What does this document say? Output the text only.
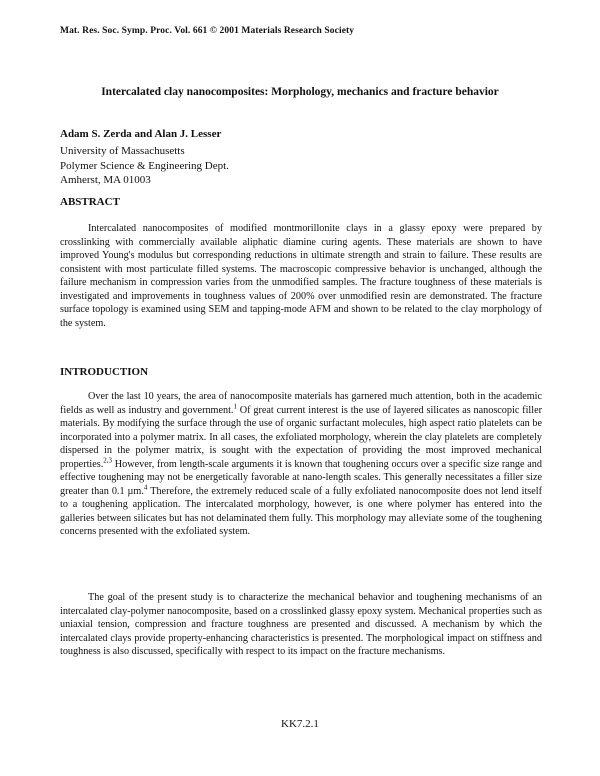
Mat. Res. Soc. Symp. Proc. Vol. 661 © 2001 Materials Research Society
Intercalated clay nanocomposites: Morphology, mechanics and fracture behavior
Adam S. Zerda and Alan J. Lesser
University of Massachusetts
Polymer Science & Engineering Dept.
Amherst, MA 01003
ABSTRACT

Intercalated nanocomposites of modified montmorillonite clays in a glassy epoxy were prepared by crosslinking with commercially available aliphatic diamine curing agents. These materials are shown to have improved Young's modulus but corresponding reductions in ultimate strength and strain to failure. These results are consistent with most particulate filled systems. The macroscopic compressive behavior is unchanged, although the failure mechanism in compression varies from the unmodified samples. The fracture toughness of these materials is investigated and improvements in toughness values of 200% over unmodified resin are demonstrated. The fracture surface topology is examined using SEM and tapping-mode AFM and shown to be related to the clay morphology of the system.

INTRODUCTION

Over the last 10 years, the area of nanocomposite materials has garnered much attention, both in the academic fields as well as industry and government.$^1$ Of great current interest is the use of layered silicates as nanoscopic filler materials. By modifying the surface through the use of organic surfactant molecules, high aspect ratio platelets can be incorporated into a polymer matrix. In all cases, the exfoliated morphology, wherein the clay platelets are completely dispersed in the polymer matrix, is sought with the expectation of providing the most improved mechanical properties.$^{2,3}$ However, from length-scale arguments it is known that toughening occurs over a specific size range and effective toughening may not be energetically favorable at nano-length scales. This generally necessitates a filler size greater than 0.1 µm.$^4$ Therefore, the extremely reduced scale of a fully exfoliated nanocomposite does not lend itself to a toughening application. The intercalated morphology, however, is one where polymer has entered into the galleries between silicates but has not delaminated them fully. This morphology may alleviate some of the toughening concerns presented with the exfoliated system.

The goal of the present study is to characterize the mechanical behavior and toughening mechanisms of an intercalated clay-polymer nanocomposite, based on a crosslinked glassy epoxy system. Mechanical properties such as uniaxial tension, compression and fracture toughness are presented and discussed. A mechanism by which the intercalated clays provide property-enhancing characteristics is presented. The morphological impact on stiffness and toughness is also discussed, specifically with respect to its impact on the fracture mechanisms.

KK7.2.1
